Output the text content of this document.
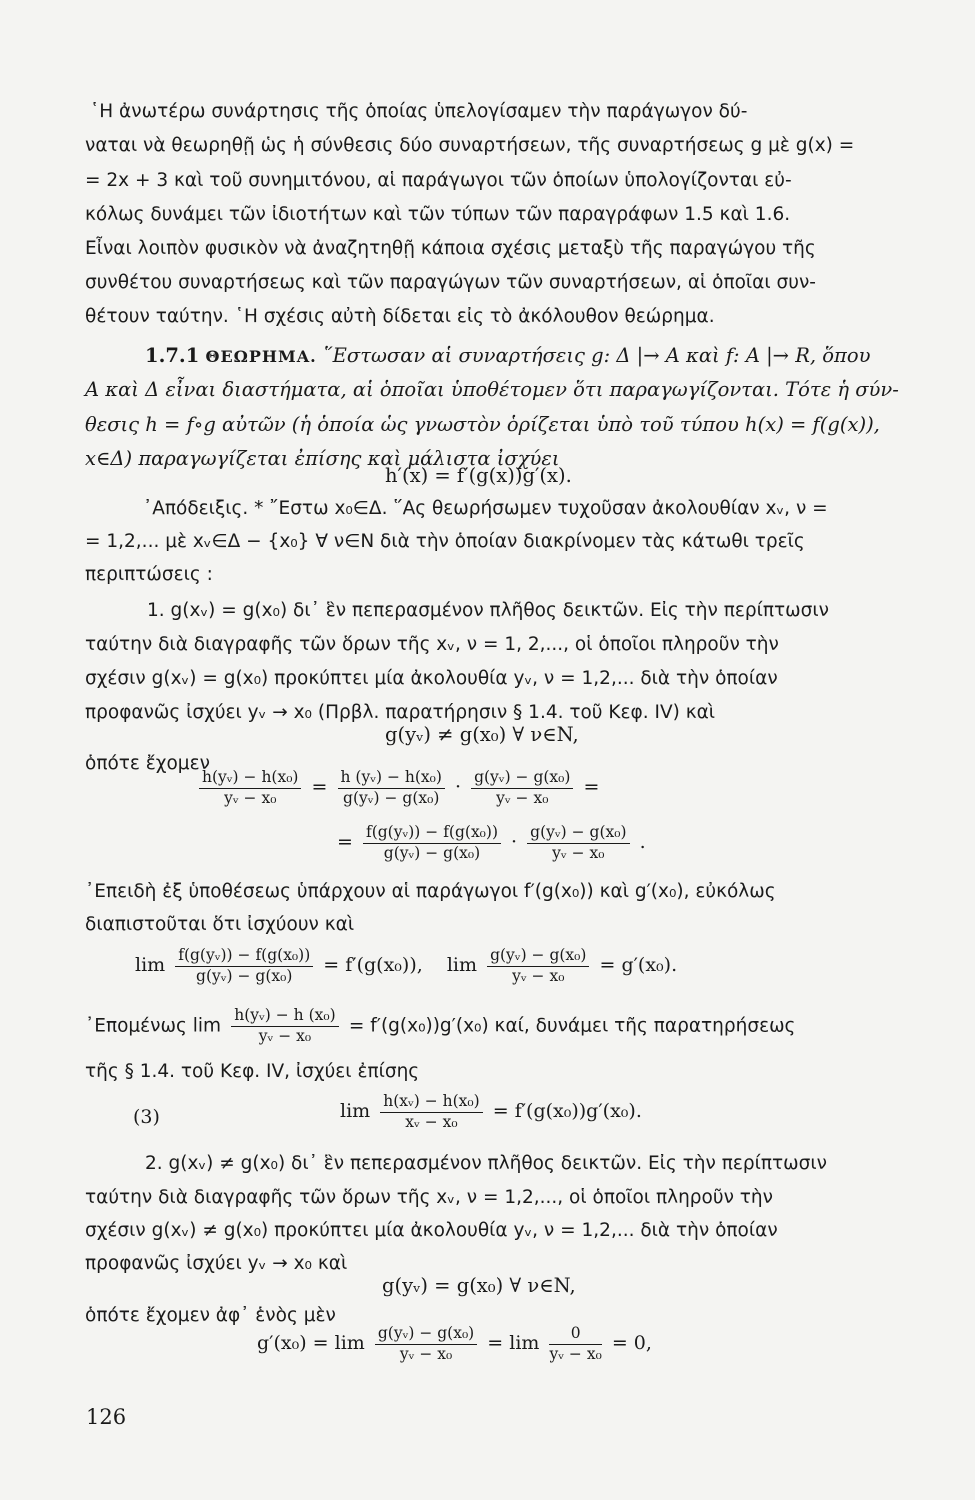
῾Η ἀνωτέρω συνάρτησις τῆς ὁποίας ὑπελογίσαμεν τὴν παράγωγον δύ-
ναται νὰ θεωρηθῇ ὡς ἡ σύνθεσις δύο συναρτήσεων, τῆς συναρτήσεως g μὲ g(x) =
= 2x + 3 καὶ τοῦ συνημιτόνου, αἱ παράγωγοι τῶν ὁποίων ὑπολογίζονται εὐ-
κόλως δυνάμει τῶν ἰδιοτήτων καὶ τῶν τύπων τῶν παραγράφων 1.5 καὶ 1.6.
Εἶναι λοιπὸν φυσικὸν νὰ ἀναζητηθῇ κάποια σχέσις μεταξὺ τῆς παραγώγου τῆς
συνθέτου συναρτήσεως καὶ τῶν παραγώγων τῶν συναρτήσεων, αἱ ὁποῖαι συν-
θέτουν ταύτην. ῾Η σχέσις αὐτὴ δίδεται εἰς τὸ ἀκόλουθον θεώρημα.
1.7.1 ΘΕΩΡΗΜΑ. ῞Εστωσαν αἱ συναρτήσεις g: Δ |→ A καὶ f: A |→ R, ὅπου
A καὶ Δ εἶναι διαστήματα, αἱ ὁποῖαι ὑποθέτομεν ὅτι παραγωγίζονται. Τότε ἡ σύν-
θεσις h = f∘g αὐτῶν (ἡ ὁποία ὡς γνωστὸν ὁρίζεται ὑπὸ τοῦ τύπου h(x) = f(g(x)),
x∈Δ) παραγωγίζεται ἐπίσης καὶ μάλιστα ἰσχύει
h′(x) = f′(g(x))g′(x).
᾿Απόδειξις. * ῎Εστω x₀∈Δ. ῞Ας θεωρήσωμεν τυχοῦσαν ἀκολουθίαν xᵥ, ν =
= 1,2,... μὲ xᵥ∈Δ − {x₀} ∀ ν∈N διὰ τὴν ὁποίαν διακρίνομεν τὰς κάτωθι τρεῖς
περιπτώσεις :
1. g(xᵥ) = g(x₀) δι᾿ ἓν πεπερασμένον πλῆθος δεικτῶν. Εἰς τὴν περίπτωσιν
ταύτην διὰ διαγραφῆς τῶν ὅρων τῆς xᵥ, ν = 1, 2,..., οἱ ὁποῖοι πληροῦν τὴν
σχέσιν g(xᵥ) = g(x₀) προκύπτει μία ἀκολουθία yᵥ, ν = 1,2,... διὰ τὴν ὁποίαν
προφανῶς ἰσχύει yᵥ → x₀ (Πρβλ. παρατήρησιν § 1.4. τοῦ Κεφ. IV) καὶ
g(yᵥ) ≠ g(x₀) ∀ ν∈N,
ὁπότε ἔχομεν
$\frac{\text{h(yᵥ) − h(x₀)}}{\text{yᵥ − x₀}} = \frac{\text{h (yᵥ) − h(x₀)}}{\text{g(yᵥ) − g(x₀)}} \cdot \frac{\text{g(yᵥ) − g(x₀)}}{\text{yᵥ − x₀}}$ =
= $\frac{\text{f(g(yᵥ)) − f(g(x₀))}}{\text{g(yᵥ) − g(x₀)}} \cdot \frac{\text{g(yᵥ) − g(x₀)}}{\text{yᵥ − x₀}}$ .
᾿Επειδὴ ἐξ ὑποθέσεως ὑπάρχουν αἱ παράγωγοι f′(g(x₀)) καὶ g′(x₀), εὐκόλως
διαπιστοῦται ὅτι ἰσχύουν καὶ
$\lim \frac{\text{f(g(yᵥ)) − f(g(x₀))}}{\text{g(yᵥ) − g(x₀)}} = f'(g(x_0))$, $\lim \frac{\text{g(yᵥ) − g(x₀)}}{\text{yᵥ − x₀}} = g'(x_0)$.
᾿Επομένως $\lim \frac{\text{h(yᵥ) − h (x₀)}}{\text{yᵥ − x₀}} = f'(g(x_0))g'(x_0)$ καί, δυνάμει τῆς παρατηρήσεως
τῆς § 1.4. τοῦ Κεφ. IV, ἰσχύει ἐπίσης
(3)	$\lim \frac{\text{h(xᵥ) − h(x₀)}}{\text{xᵥ − x₀}} = f'(g(x_0))g'(x_0)$.
2. g(xᵥ) ≠ g(x₀) δι᾿ ἓν πεπερασμένον πλῆθος δεικτῶν. Εἰς τὴν περίπτωσιν
ταύτην διὰ διαγραφῆς τῶν ὅρων τῆς xᵥ, ν = 1,2,..., οἱ ὁποῖοι πληροῦν τὴν
σχέσιν g(xᵥ) ≠ g(x₀) προκύπτει μία ἀκολουθία yᵥ, ν = 1,2,... διὰ τὴν ὁποίαν
προφανῶς ἰσχύει yᵥ → x₀ καὶ
g(yᵥ) = g(x₀) ∀ ν∈N,
ὁπότε ἔχομεν ἀφ᾿ ἑνὸς μὲν
$g'(x_0) = \lim \frac{\text{g(yᵥ) − g(x₀)}}{\text{yᵥ − x₀}} = \lim \frac{0}{\text{yᵥ − x₀}} = 0$,
126
